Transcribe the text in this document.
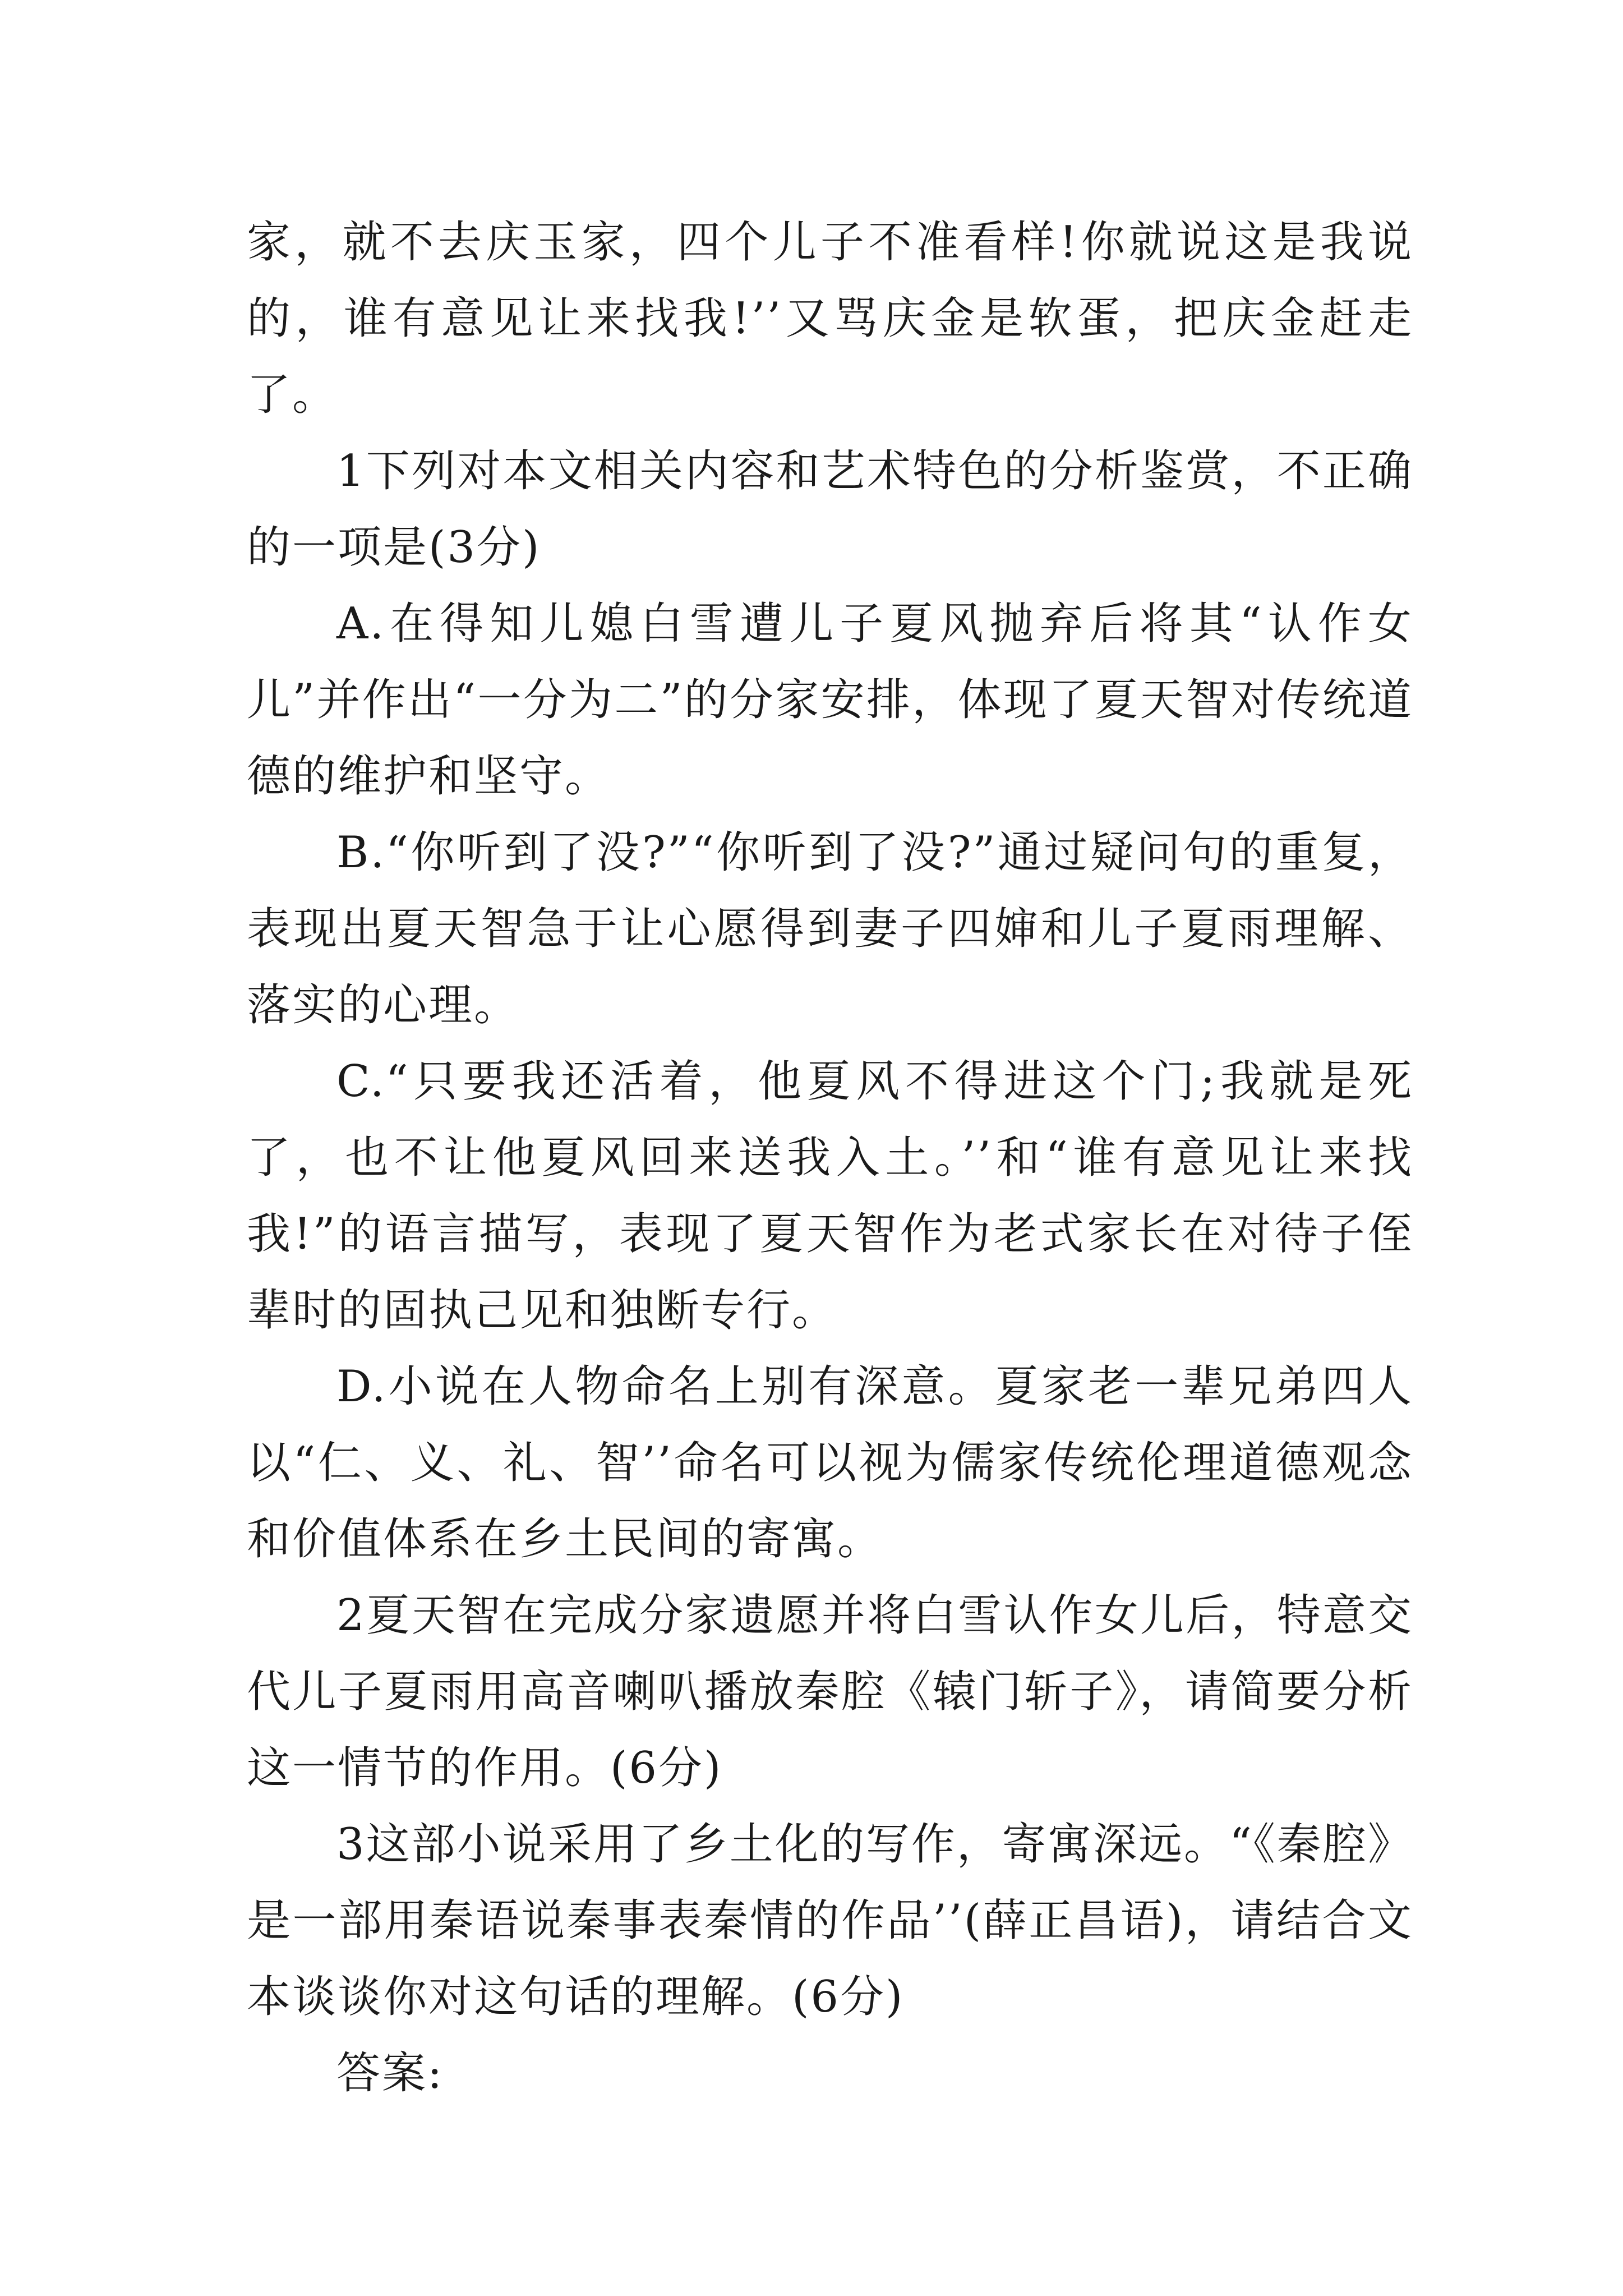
家，就不去庆玉家，四个儿子不准看样!你就说这是我说的，谁有意见让来找我!’’又骂庆金是软蛋，把庆金赶走了。

1下列对本文相关内容和艺术特色的分析鉴赏，不正确的一项是(3分)

A.在得知儿媳白雪遭儿子夏风抛弃后将其“认作女儿”并作出“一分为二”的分家安排，体现了夏天智对传统道德的维护和坚守。

B.“你听到了没?”“你听到了没?”通过疑问句的重复，表现出夏天智急于让心愿得到妻子四婶和儿子夏雨理解、落实的心理。

C.“只要我还活着，他夏风不得进这个门;我就是死了，也不让他夏风回来送我入土。’’和“谁有意见让来找我!”的语言描写，表现了夏天智作为老式家长在对待子侄辈时的固执己见和独断专行。

D.小说在人物命名上别有深意。夏家老一辈兄弟四人以“仁、义、礼、智’’命名可以视为儒家传统伦理道德观念和价值体系在乡土民间的寄寓。

2夏天智在完成分家遗愿并将白雪认作女儿后，特意交代儿子夏雨用高音喇叭播放秦腔《辕门斩子》，请简要分析这一情节的作用。(6分)

3这部小说采用了乡土化的写作，寄寓深远。“《秦腔》是一部用秦语说秦事表秦情的作品’’(薛正昌语)，请结合文本谈谈你对这句话的理解。(6分)

答案:
